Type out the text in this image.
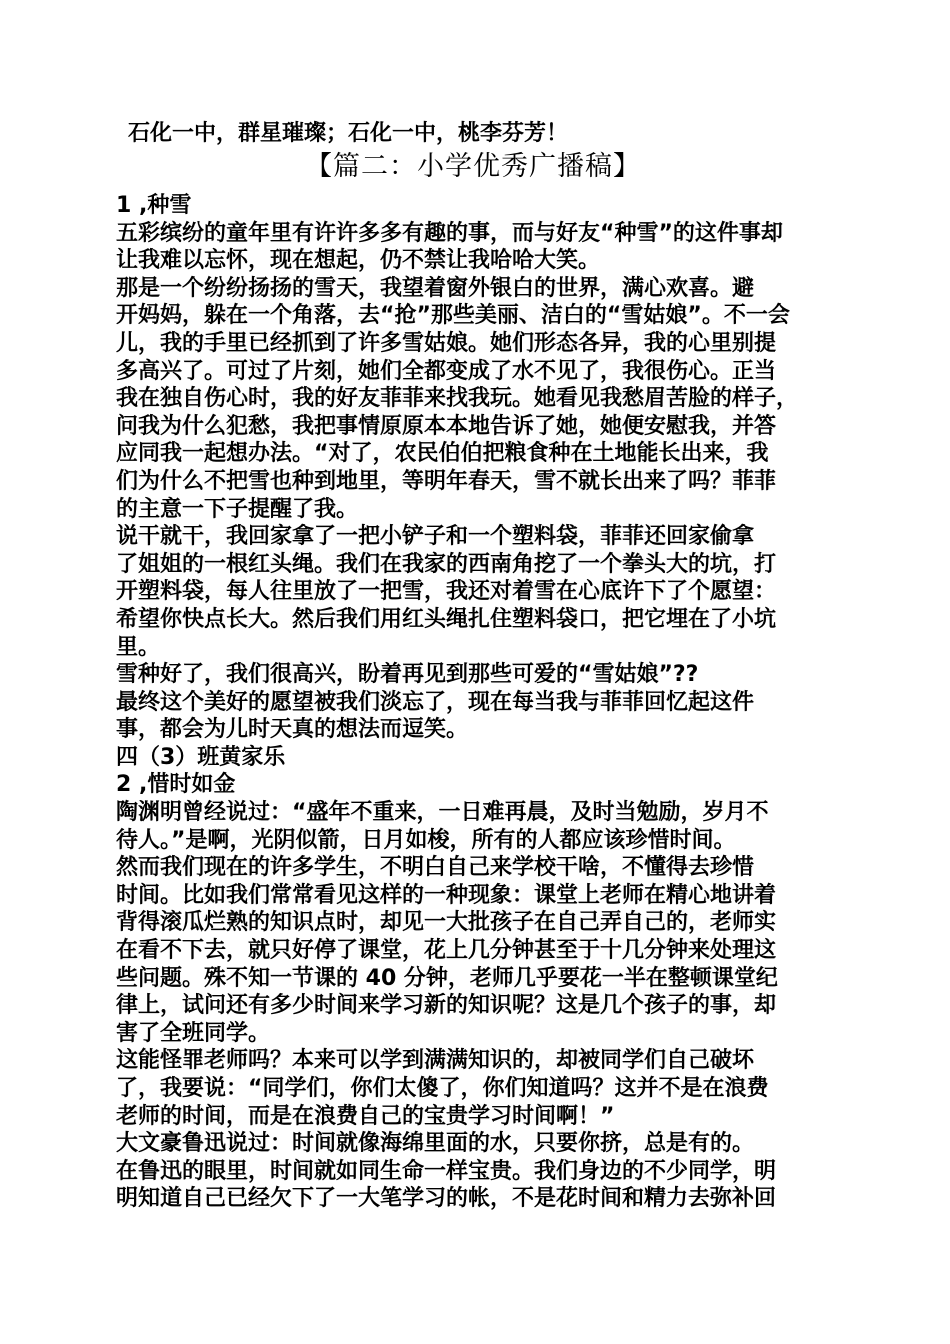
石化一中，群星璀璨；石化一中，桃李芬芳！
【篇二：小学优秀广播稿】
1 ,种雪
五彩缤纷的童年里有许许多多有趣的事，而与好友“种雪”的这件事却
让我难以忘怀，现在想起，仍不禁让我哈哈大笑。
那是一个纷纷扬扬的雪天，我望着窗外银白的世界，满心欢喜。避
开妈妈，躲在一个角落，去“抢”那些美丽、洁白的“雪姑娘”。不一会
儿，我的手里已经抓到了许多雪姑娘。她们形态各异，我的心里别提
多高兴了。可过了片刻，她们全都变成了水不见了，我很伤心。正当
我在独自伤心时，我的好友菲菲来找我玩。她看见我愁眉苦脸的样子，
问我为什么犯愁，我把事情原原本本地告诉了她，她便安慰我，并答
应同我一起想办法。“对了，农民伯伯把粮食种在土地能长出来，我
们为什么不把雪也种到地里，等明年春天，雪不就长出来了吗？菲菲
的主意一下子提醒了我。
说干就干，我回家拿了一把小铲子和一个塑料袋，菲菲还回家偷拿
了姐姐的一根红头绳。我们在我家的西南角挖了一个拳头大的坑，打
开塑料袋，每人往里放了一把雪，我还对着雪在心底许下了个愿望：
希望你快点长大。然后我们用红头绳扎住塑料袋口，把它埋在了小坑
里。
雪种好了，我们很高兴，盼着再见到那些可爱的“雪姑娘”??
最终这个美好的愿望被我们淡忘了，现在每当我与菲菲回忆起这件
事，都会为儿时天真的想法而逗笑。
四（3）班黄家乐
2 ,惜时如金
陶渊明曾经说过：“盛年不重来，一日难再晨，及时当勉励，岁月不
待人。”是啊，光阴似箭，日月如梭，所有的人都应该珍惜时间。
然而我们现在的许多学生，不明白自己来学校干啥，不懂得去珍惜
时间。比如我们常常看见这样的一种现象：课堂上老师在精心地讲着
背得滚瓜烂熟的知识点时，却见一大批孩子在自己弄自己的，老师实
在看不下去，就只好停了课堂，花上几分钟甚至于十几分钟来处理这
些问题。殊不知一节课的 40 分钟，老师几乎要花一半在整顿课堂纪
律上，试问还有多少时间来学习新的知识呢？这是几个孩子的事，却
害了全班同学。
这能怪罪老师吗？本来可以学到满满知识的，却被同学们自己破坏
了，我要说：“同学们，你们太傻了，你们知道吗？这并不是在浪费
老师的时间，而是在浪费自己的宝贵学习时间啊！”
大文豪鲁迅说过：时间就像海绵里面的水，只要你挤，总是有的。
在鲁迅的眼里，时间就如同生命一样宝贵。我们身边的不少同学，明
明知道自己已经欠下了一大笔学习的帐，不是花时间和精力去弥补回
